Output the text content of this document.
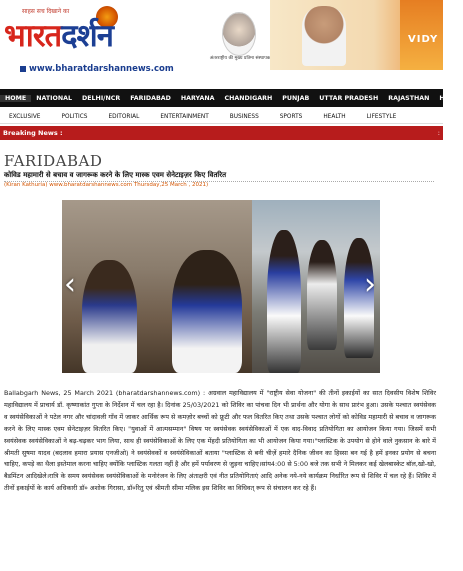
साहस सच दिखाने का
भारतदर्शन
www.bharatdarshannews.com
अंतरराष्ट्रीय की मुख्य प्रतिमा संस्थापक
VIDY
HOME	NATIONAL	DELHI/NCR	FARIDABAD	HARYANA	CHANDIGARH	PUNJAB	UTTAR PRADESH	RAJASTHAN	HIMA
EXCLUSIVE	POLITICS	EDITORIAL	ENTERTAINMENT	BUSINESS	SPORTS	HEALTH	LIFESTYLE
Breaking News :	:
FARIDABAD
कोविड महामारी से बचाव व जागरूक करने के लिए मास्क एवम सेनेटाइज़र किए वितरित
(Kiran Kathuria) www.bharatdarshannews.com Thursday,25 March , 2021)
‹	›
Ballabgarh News, 25 March 2021 (bharatdarshannews.com) : अग्रवाल महाविद्यालय में "राष्ट्रीय सेवा योजना" की तीनों इकाईयों का सात दिवसीय विशेष शिविर महाविद्यालय में प्राचार्य डॉ. कृष्णाकांत गुप्ता के निर्देशन में चल रहा है। दिनांक 25/03/2021 को शिविर का पांचवा दिन भी प्रार्थना और योगा के साथ प्रारंभ हुआ। उसके पश्चात स्वयंसेवक व स्वयंसेविकाओं ने पटेल नगर और चांदावली गाँव में जाकर आर्थिक रूप से कमज़ोर बच्चों को फ्रूटी और फल वितरित किए तथा उसके पश्चात लोगों को कोविड महामारी से बचाव व जागरूक करने के लिए मास्क एवम सेनेटाइज़र वितरित किए। "युवाओं में आत्मसम्मान" विषय पर स्वयंसेवक स्वयंसेविकाओं में एक वाद-विवाद प्रतियोगिता का आयोजन किया गया। जिसमें सभी स्वयंसेवक स्वयंसेविकाओं ने बढ़-चढ़कर भाग लिया, साथ ही स्वयंसेविकाओं के लिए एक मेंहदी प्रतियोगिता का भी आयोजन किया गया।"प्लास्टिक के उपयोग से होने वाले नुकसान के बारे में श्रीमती सुषमा यादव (बदलाव हमारा प्रयास एनजीओ) ने स्वयंसेवकों व स्वयंसेविकाओं बताया "प्लास्टिक से बनी चीज़ें हमारे दैनिक जीवन का हिस्सा बन गई है हमें इनका प्रयोग से बचना चाहिए, कपड़े का थैला इस्तेमाल करना चाहिए क्योंकि प्लास्टिक गलता नहीं है और हमें पर्यावरण से जुड़ना चाहिए।सांय4:00 से 5:00 बजे तक सभी ने मिलकर कई खेलबास्केट बॉल,खो-खो, बैडमिंटन आदिखेले।रात्रि के समय स्वयंसेवक स्वयंसेविकाओं के मनोरंजन के लिए अंताक्षरी एवं नीत प्रतियोगिताएं आदि अनेक नये-नये कार्यक्रम निर्धारित रूप से शिविर में चल रहे हैं। शिविर में तीनों इकाईयों के कार्य अधिकारी डॉ० अशोक गिरासा, डॉ०रितु एवं श्रीमती सीमा मलिक इस शिविर का विधिवत् रूप से संचालन कर रहे हैं।
